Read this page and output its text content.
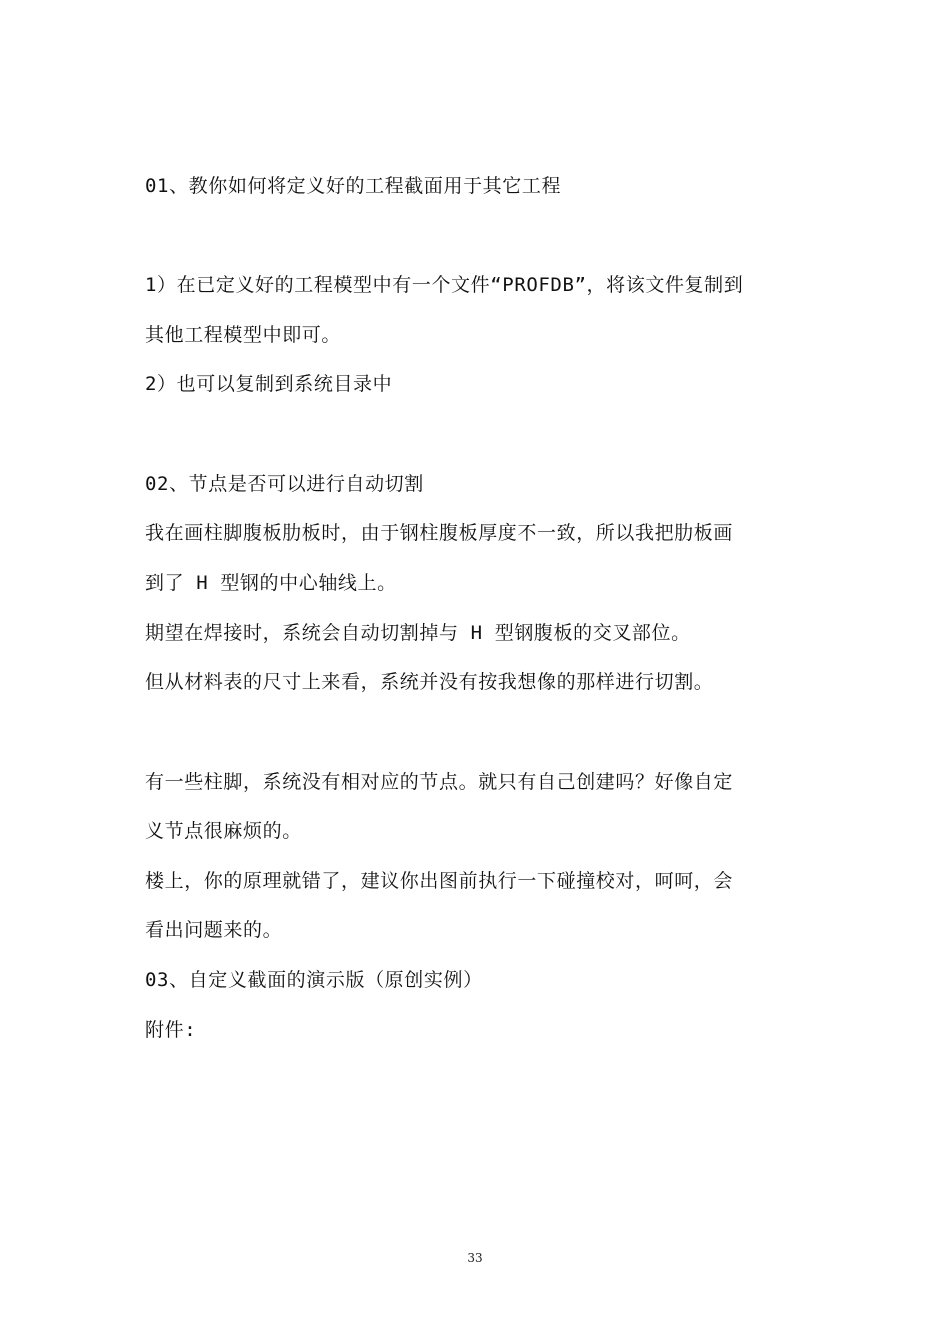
01、教你如何将定义好的工程截面用于其它工程
1）在已定义好的工程模型中有一个文件“PROFDB”，将该文件复制到
其他工程模型中即可。
2）也可以复制到系统目录中
02、节点是否可以进行自动切割
我在画柱脚腹板肋板时，由于钢柱腹板厚度不一致，所以我把肋板画
到了 H 型钢的中心轴线上。
期望在焊接时，系统会自动切割掉与 H 型钢腹板的交叉部位。
但从材料表的尺寸上来看，系统并没有按我想像的那样进行切割。
有一些柱脚，系统没有相对应的节点。就只有自己创建吗？好像自定
义节点很麻烦的。
楼上，你的原理就错了，建议你出图前执行一下碰撞校对，呵呵，会
看出问题来的。
03、自定义截面的演示版（原创实例）
附件:
33
